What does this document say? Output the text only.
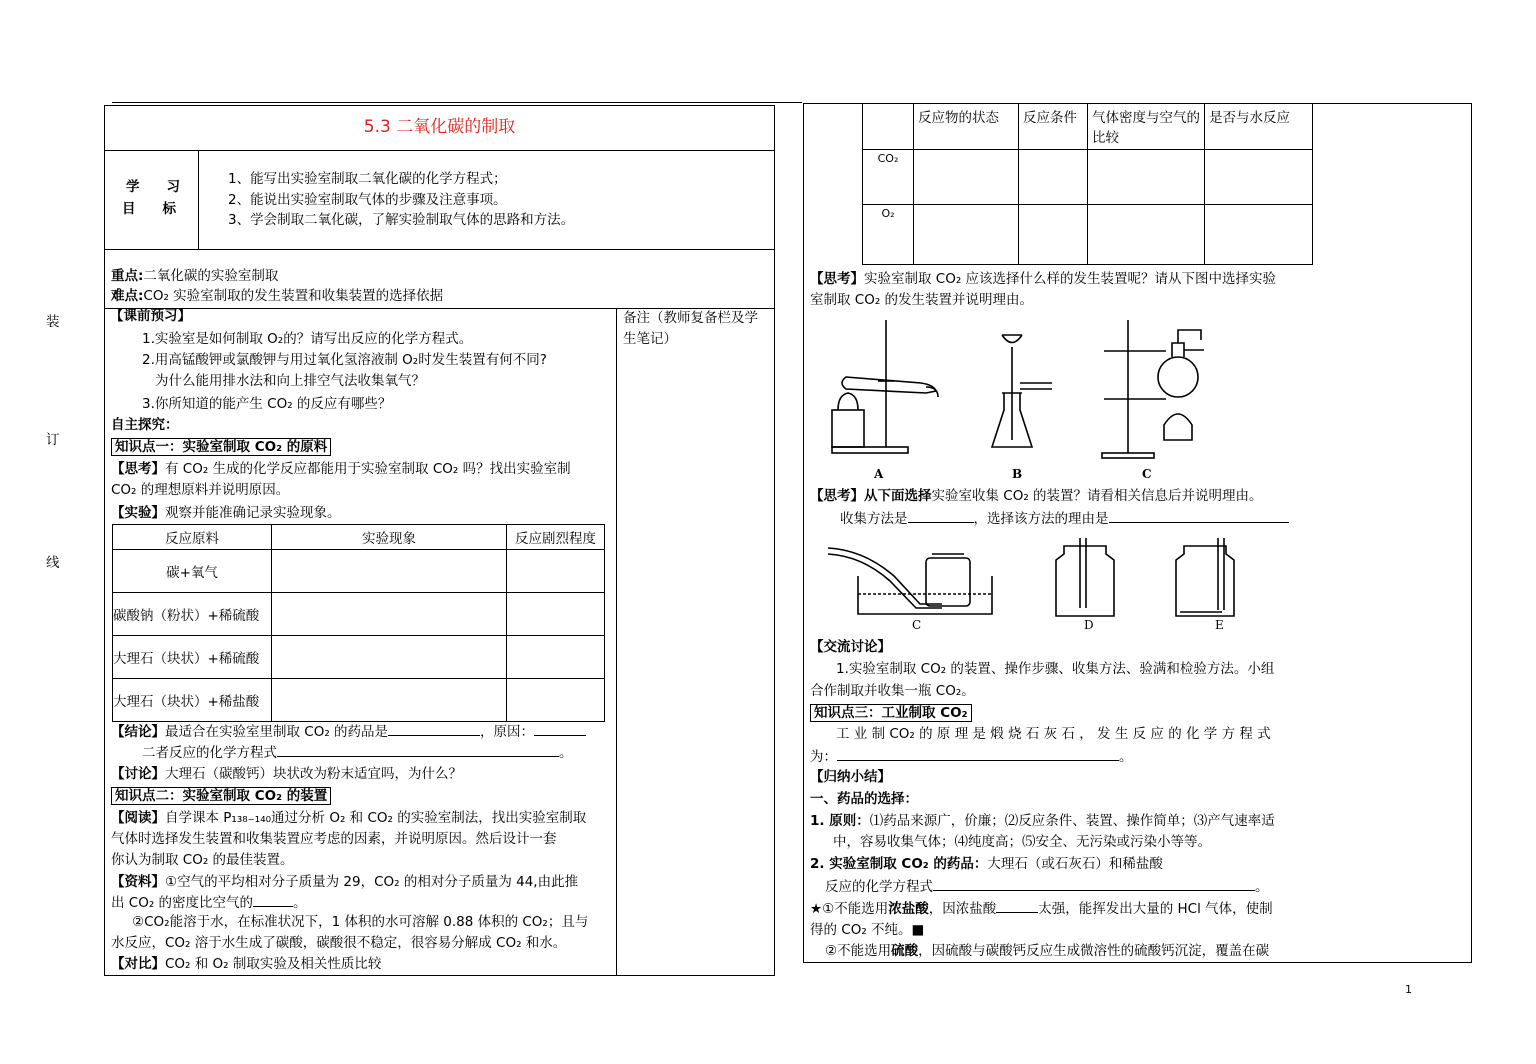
装
订
线
1
5.3 二氧化碳的制取
学　　习
目　　标
1、能写出实验室制取二氧化碳的化学方程式；
2、能说出实验室制取气体的步骤及注意事项。
3、学会制取二氧化碳，了解实验制取气体的思路和方法。
重点:二氧化碳的实验室制取
难点:CO₂ 实验室制取的发生装置和收集装置的选择依据
备注（教师复备栏及学生笔记）
【课前预习】
1.实验室是如何制取 O₂的？请写出反应的化学方程式。
2.用高锰酸钾或氯酸钾与用过氧化氢溶液制 O₂时发生装置有何不同?
为什么能用排水法和向上排空气法收集氧气？
3.你所知道的能产生 CO₂ 的反应有哪些？
自主探究：
知识点一：实验室制取 CO₂ 的原料
【思考】有 CO₂ 生成的化学反应都能用于实验室制取 CO₂ 吗？找出实验室制
CO₂ 的理想原料并说明原因。
【实验】观察并能准确记录实验现象。
反应原料	实验现象	反应剧烈程度
碳+氧气		
碳酸钠（粉状）+稀硫酸		
大理石（块状）+稀硫酸		
大理石（块状）+稀盐酸		
【结论】最适合在实验室里制取 CO₂ 的药品是	，原因：
二者反应的化学方程式	。
【讨论】大理石（碳酸钙）块状改为粉末适宜吗，为什么？
知识点二：实验室制取 CO₂ 的装置
【阅读】自学课本 P₁₃₈₋₁₄₀通过分析 O₂ 和 CO₂ 的实验室制法，找出实验室制取
气体时选择发生装置和收集装置应考虑的因素，并说明原因。然后设计一套
你认为制取 CO₂ 的最佳装置。
【资料】①空气的平均相对分子质量为 29，CO₂ 的相对分子质量为 44,由此推
出 CO₂ 的密度比空气的	。
②CO₂能溶于水，在标准状况下，1 体积的水可溶解 0.88 体积的 CO₂；且与
水反应，CO₂ 溶于水生成了碳酸，碳酸很不稳定，很容易分解成 CO₂ 和水。
【对比】CO₂ 和 O₂ 制取实验及相关性质比较
	反应物的状态	反应条件	气体密度与空气的比较	是否与水反应
CO₂				
O₂				
【思考】实验室制取 CO₂ 应该选择什么样的发生装置呢？请从下图中选择实验
室制取 CO₂ 的发生装置并说明理由。
A	B	C
【思考】从下面选择实验室收集 CO₂ 的装置？请看相关信息后并说明理由。
收集方法是	，选择该方法的理由是
C	D	E
【交流讨论】
1.实验室制取 CO₂ 的装置、操作步骤、收集方法、验满和检验方法。小组
合作制取并收集一瓶 CO₂。
知识点三：工业制取 CO₂
工 业 制 CO₂ 的 原 理 是 煅 烧 石 灰 石 ， 发 生 反 应 的 化 学 方 程 式
为：	。
【归纳小结】
一、药品的选择：
1. 原则：⑴药品来源广，价廉；⑵反应条件、装置、操作简单；⑶产气速率适
中，容易收集气体；⑷纯度高；⑸安全、无污染或污染小等等。
2. 实验室制取 CO₂ 的药品：大理石（或石灰石）和稀盐酸
反应的化学方程式	。
★①不能选用浓盐酸，因浓盐酸	太强，能挥发出大量的 HCl 气体，使制
得的 CO₂ 不纯。■
②不能选用硫酸，因硫酸与碳酸钙反应生成微溶性的硫酸钙沉淀，覆盖在碳
